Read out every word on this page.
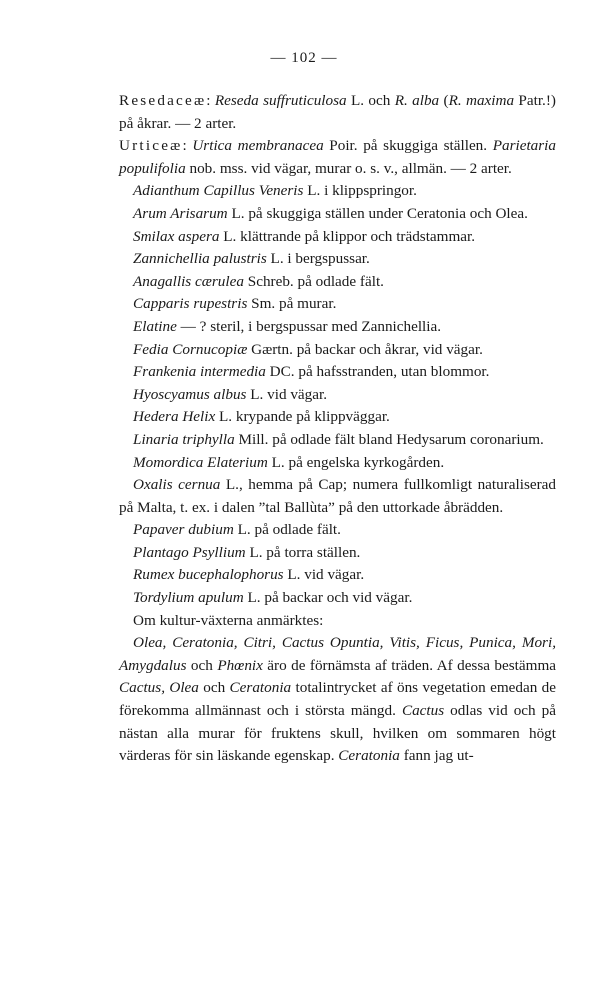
— 102 —

Resedaceæ: Reseda suffruticulosa L. och R. alba (R. maxima Patr.!) på åkrar. — 2 arter.

Urticeæ: Urtica membranacea Poir. på skuggiga ställen. Parietaria populifolia nob. mss. vid vägar, murar o. s. v., allmän. — 2 arter.

Adianthum Capillus Veneris L. i klippspringor.

Arum Arisarum L. på skuggiga ställen under Ceratonia och Olea.

Smilax aspera L. klättrande på klippor och trädstammar.

Zannichellia palustris L. i bergspussar.

Anagallis cærulea Schreb. på odlade fält.

Capparis rupestris Sm. på murar.

Elatine — ? steril, i bergspussar med Zannichellia.

Fedia Cornucopiæ Gærtn. på backar och åkrar, vid vägar.

Frankenia intermedia DC. på hafsstranden, utan blommor.

Hyoscyamus albus L. vid vägar.

Hedera Helix L. krypande på klippväggar.

Linaria triphylla Mill. på odlade fält bland Hedysarum coronarium.

Momordica Elaterium L. på engelska kyrkogården.

Oxalis cernua L., hemma på Cap; numera fullkomligt naturaliserad på Malta, t. ex. i dalen ”tal Ballùta” på den uttorkade åbrädden.

Papaver dubium L. på odlade fält.

Plantago Psyllium L. på torra ställen.

Rumex bucephalophorus L. vid vägar.

Tordylium apulum L. på backar och vid vägar.

Om kultur-växterna anmärktes:

Olea, Ceratonia, Citri, Cactus Opuntia, Vitis, Ficus, Punica, Mori, Amygdalus och Phœnix äro de förnämsta af träden. Af dessa bestämma Cactus, Olea och Ceratonia totalintrycket af öns vegetation emedan de förekomma allmännast och i största mängd. Cactus odlas vid och på nästan alla murar för fruktens skull, hvilken om sommaren högt värderas för sin läskande egenskap. Ceratonia fann jag ut-
